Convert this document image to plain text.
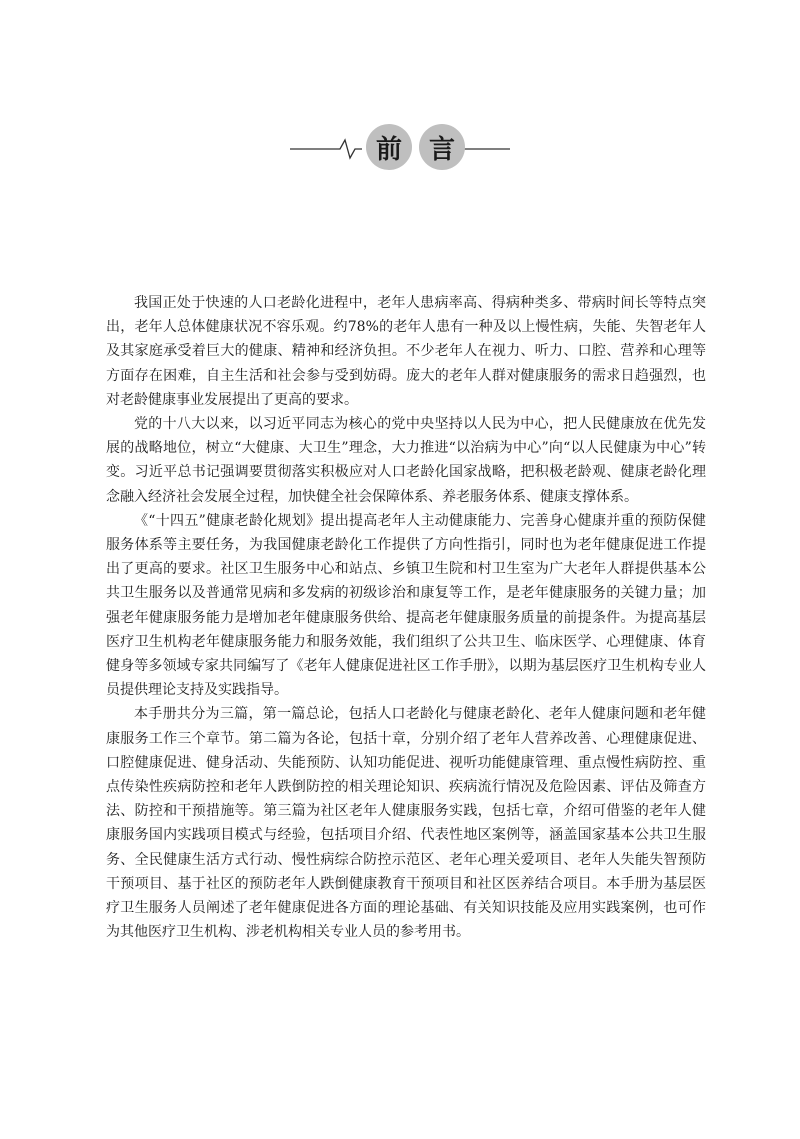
前	言

我国正处于快速的人口老龄化进程中，老年人患病率高、得病种类多、带病时间长等特点突出，老年人总体健康状况不容乐观。约78%的老年人患有一种及以上慢性病，失能、失智老年人及其家庭承受着巨大的健康、精神和经济负担。不少老年人在视力、听力、口腔、营养和心理等方面存在困难，自主生活和社会参与受到妨碍。庞大的老年人群对健康服务的需求日趋强烈，也对老龄健康事业发展提出了更高的要求。

党的十八大以来，以习近平同志为核心的党中央坚持以人民为中心，把人民健康放在优先发展的战略地位，树立“大健康、大卫生”理念，大力推进“以治病为中心”向“以人民健康为中心”转变。习近平总书记强调要贯彻落实积极应对人口老龄化国家战略，把积极老龄观、健康老龄化理念融入经济社会发展全过程，加快健全社会保障体系、养老服务体系、健康支撑体系。

《“十四五”健康老龄化规划》提出提高老年人主动健康能力、完善身心健康并重的预防保健服务体系等主要任务，为我国健康老龄化工作提供了方向性指引，同时也为老年健康促进工作提出了更高的要求。社区卫生服务中心和站点、乡镇卫生院和村卫生室为广大老年人群提供基本公共卫生服务以及普通常见病和多发病的初级诊治和康复等工作，是老年健康服务的关键力量；加强老年健康服务能力是增加老年健康服务供给、提高老年健康服务质量的前提条件。为提高基层医疗卫生机构老年健康服务能力和服务效能，我们组织了公共卫生、临床医学、心理健康、体育健身等多领域专家共同编写了《老年人健康促进社区工作手册》，以期为基层医疗卫生机构专业人员提供理论支持及实践指导。

本手册共分为三篇，第一篇总论，包括人口老龄化与健康老龄化、老年人健康问题和老年健康服务工作三个章节。第二篇为各论，包括十章，分别介绍了老年人营养改善、心理健康促进、口腔健康促进、健身活动、失能预防、认知功能促进、视听功能健康管理、重点慢性病防控、重点传染性疾病防控和老年人跌倒防控的相关理论知识、疾病流行情况及危险因素、评估及筛查方法、防控和干预措施等。第三篇为社区老年人健康服务实践，包括七章，介绍可借鉴的老年人健康服务国内实践项目模式与经验，包括项目介绍、代表性地区案例等，涵盖国家基本公共卫生服务、全民健康生活方式行动、慢性病综合防控示范区、老年心理关爱项目、老年人失能失智预防干预项目、基于社区的预防老年人跌倒健康教育干预项目和社区医养结合项目。本手册为基层医疗卫生服务人员阐述了老年健康促进各方面的理论基础、有关知识技能及应用实践案例，也可作为其他医疗卫生机构、涉老机构相关专业人员的参考用书。
